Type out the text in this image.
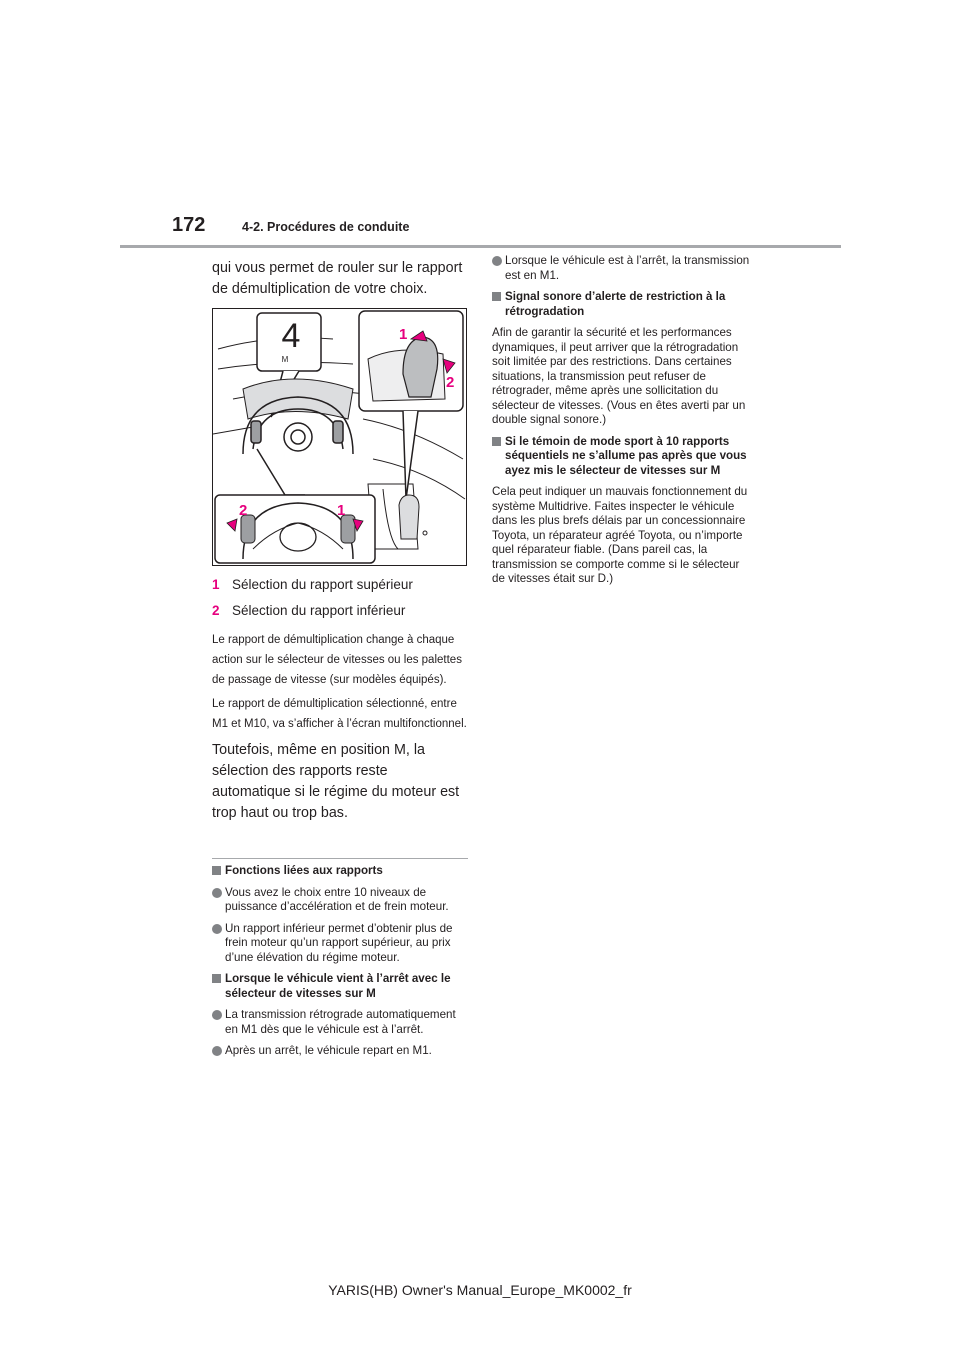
172	4-2. Procédures de conduite

qui vous permet de rouler sur le rapport de démultiplication de votre choix.

4
M
1
2
2	1
1 Sélection du rapport supérieur
2 Sélection du rapport inférieur

Le rapport de démultiplication change à chaque action sur le sélecteur de vitesses ou les palettes de passage de vitesse (sur modèles équipés).

Le rapport de démultiplication sélectionné, entre M1 et M10, va s’afficher à l’écran multifonctionnel.

Toutefois, même en position M, la sélection des rapports reste automatique si le régime du moteur est trop haut ou trop bas.

Fonctions liées aux rapports

Vous avez le choix entre 10 niveaux de puissance d’accélération et de frein moteur.

Un rapport inférieur permet d’obtenir plus de frein moteur qu’un rapport supérieur, au prix d’une élévation du régime moteur.

Lorsque le véhicule vient à l’arrêt avec le sélecteur de vitesses sur M

La transmission rétrograde automatiquement en M1 dès que le véhicule est à l’arrêt.

Après un arrêt, le véhicule repart en M1.

Lorsque le véhicule est à l’arrêt, la transmission est en M1.

Signal sonore d’alerte de restriction à la rétrogradation

Afin de garantir la sécurité et les performances dynamiques, il peut arriver que la rétrogradation soit limitée par des restrictions. Dans certaines situations, la transmission peut refuser de rétrograder, même après une sollicitation du sélecteur de vitesses. (Vous en êtes averti par un double signal sonore.)

Si le témoin de mode sport à 10 rapports séquentiels ne s’allume pas après que vous ayez mis le sélecteur de vitesses sur M

Cela peut indiquer un mauvais fonctionnement du système Multidrive. Faites inspecter le véhicule dans les plus brefs délais par un concessionnaire Toyota, un réparateur agréé Toyota, ou n’importe quel réparateur fiable. (Dans pareil cas, la transmission se comporte comme si le sélecteur de vitesses était sur D.)

YARIS(HB) Owner's Manual_Europe_MK0002_fr
